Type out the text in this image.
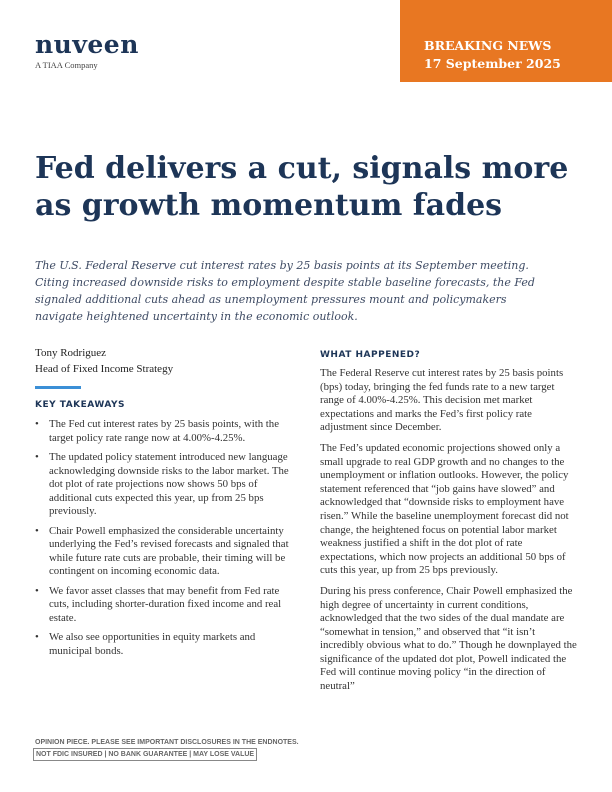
nuveen
A TIAA Company
BREAKING NEWS
17 September 2025
Fed delivers a cut, signals more as growth momentum fades

The U.S. Federal Reserve cut interest rates by 25 basis points at its September meeting. Citing increased downside risks to employment despite stable baseline forecasts, the Fed signaled additional cuts ahead as unemployment pressures mount and policymakers navigate heightened uncertainty in the economic outlook.

Tony Rodriguez
Head of Fixed Income Strategy
KEY TAKEAWAYS
• The Fed cut interest rates by 25 basis points, with the target policy rate range now at 4.00%-4.25%.
• The updated policy statement introduced new language acknowledging downside risks to the labor market. The dot plot of rate projections now shows 50 bps of additional cuts expected this year, up from 25 bps previously.
• Chair Powell emphasized the considerable uncertainty underlying the Fed’s revised forecasts and signaled that while future rate cuts are probable, their timing will be contingent on incoming economic data.
• We favor asset classes that may benefit from Fed rate cuts, including shorter-duration fixed income and real estate.
• We also see opportunities in equity markets and municipal bonds.
WHAT HAPPENED?

The Federal Reserve cut interest rates by 25 basis points (bps) today, bringing the fed funds rate to a new target range of 4.00%-4.25%. This decision met market expectations and marks the Fed’s first policy rate adjustment since December.

The Fed’s updated economic projections showed only a small upgrade to real GDP growth and no changes to the unemployment or inflation outlooks. However, the policy statement referenced that “job gains have slowed” and acknowledged that “downside risks to employment have risen.” While the baseline unemployment forecast did not change, the heightened focus on potential labor market weakness justified a shift in the dot plot of rate expectations, which now projects an additional 50 bps of cuts this year, up from 25 bps previously.

During his press conference, Chair Powell emphasized the high degree of uncertainty in current conditions, acknowledged that the two sides of the dual mandate are “somewhat in tension,” and observed that “it isn’t incredibly obvious what to do.” Though he downplayed the significance of the updated dot plot, Powell indicated the Fed will continue moving policy “in the direction of neutral”

OPINION PIECE. PLEASE SEE IMPORTANT DISCLOSURES IN THE ENDNOTES.
NOT FDIC INSURED | NO BANK GUARANTEE | MAY LOSE VALUE
